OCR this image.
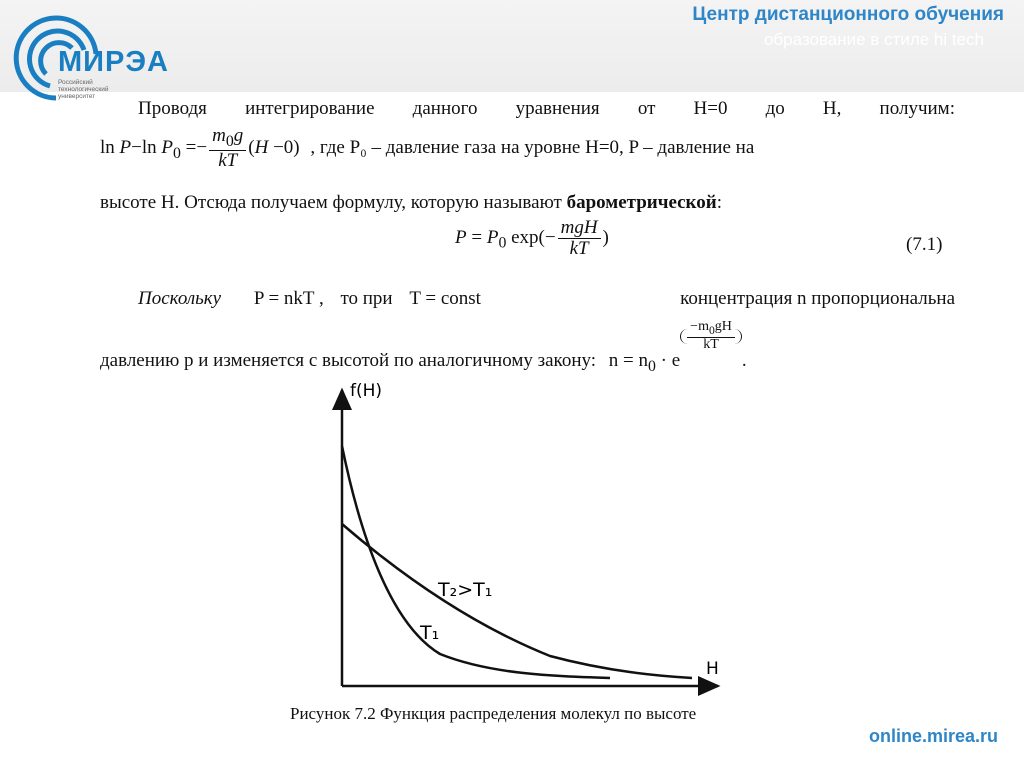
МИРЭА
Российский технологический университет
Центр дистанционного обучения
образование в стиле hi tech
Проводя интегрирование данного уравнения от H=0 до H, получим:
ln P−ln $P_0 =- \frac{m_0g}{kT} (H -0)$ , где P₀ – давление газа на уровне H=0, P – давление на
высоте H. Отсюда получаем формулу, которую называют барометрической:
$P = P_0$ $\exp(- \frac{\text{mgH}}{kT}$ )	(7.1)
Поскольку P = nkT , то при T = const	концентрация n пропорциональна
давлению p и изменяется с высотой по аналогичному закону: $n = n_0 \cdot e$
$^{\frac{-m_0gH}{kT}}$
.
f(H)
H
T₂>T₁
T₁
Рисунок 7.2 Функция распределения молекул по высоте
online.mirea.ru
